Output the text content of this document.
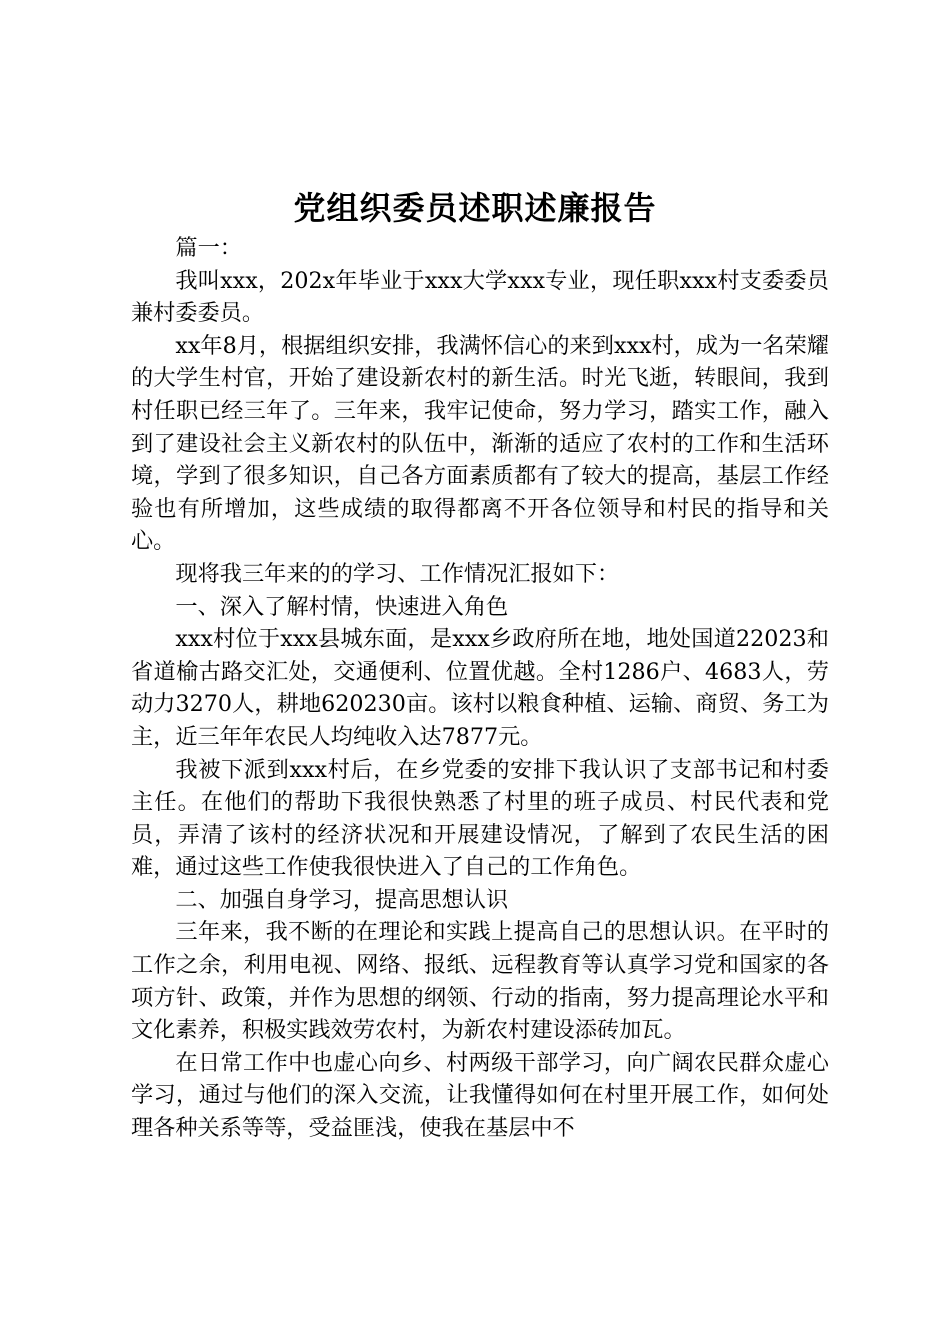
党组织委员述职述廉报告

篇一：

我叫xxx，202x年毕业于xxx大学xxx专业，现任职xxx村支委委员兼村委委员。

xx年8月，根据组织安排，我满怀信心的来到xxx村，成为一名荣耀的大学生村官，开始了建设新农村的新生活。时光飞逝，转眼间，我到村任职已经三年了。三年来，我牢记使命，努力学习，踏实工作，融入到了建设社会主义新农村的队伍中，渐渐的适应了农村的工作和生活环境，学到了很多知识，自己各方面素质都有了较大的提高，基层工作经验也有所增加，这些成绩的取得都离不开各位领导和村民的指导和关心。

现将我三年来的的学习、工作情况汇报如下：

一、深入了解村情，快速进入角色

xxx村位于xxx县城东面，是xxx乡政府所在地，地处国道22023和省道榆古路交汇处，交通便利、位置优越。全村1286户、4683人，劳动力3270人，耕地620230亩。该村以粮食种植、运输、商贸、务工为主，近三年年农民人均纯收入达7877元。

我被下派到xxx村后，在乡党委的安排下我认识了支部书记和村委主任。在他们的帮助下我很快熟悉了村里的班子成员、村民代表和党员，弄清了该村的经济状况和开展建设情况，了解到了农民生活的困难，通过这些工作使我很快进入了自己的工作角色。

二、加强自身学习，提高思想认识

三年来，我不断的在理论和实践上提高自己的思想认识。在平时的工作之余，利用电视、网络、报纸、远程教育等认真学习党和国家的各项方针、政策，并作为思想的纲领、行动的指南，努力提高理论水平和文化素养，积极实践效劳农村，为新农村建设添砖加瓦。

在日常工作中也虚心向乡、村两级干部学习，向广阔农民群众虚心学习，通过与他们的深入交流，让我懂得如何在村里开展工作，如何处理各种关系等等，受益匪浅，使我在基层中不
